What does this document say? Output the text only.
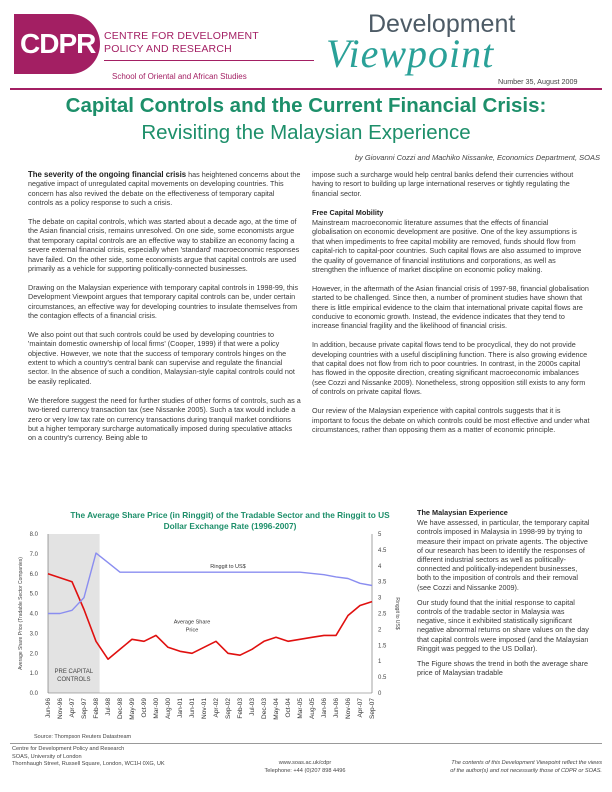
CDPR CENTRE FOR DEVELOPMENT
POLICY AND RESEARCH
School of Oriental and African Studies
Development
Viewpoint
Number 35, August 2009
Capital Controls and the Current Financial Crisis:
Revisiting the Malaysian Experience
by Giovanni Cozzi and Machiko Nissanke, Economics Department, SOAS

The severity of the ongoing financial crisis has heightened concerns about the negative impact of unregulated capital movements on developing countries. This concern has also revived the debate on the effectiveness of temporary capital controls as a policy response to such a crisis.

The debate on capital controls, which was started about a decade ago, at the time of the Asian financial crisis, remains unresolved. On one side, some economists argue that temporary capital controls are an effective way to stabilize an economy facing a severe external financial crisis, especially when 'standard' macroeconomic responses have failed. On the other side, some economists argue that capital controls are used primarily as a vehicle for supporting politically-connected businesses.

Drawing on the Malaysian experience with temporary capital controls in 1998-99, this Development Viewpoint argues that temporary capital controls can be, under certain circumstances, an effective way for developing countries to insulate themselves from the contagion effects of a financial crisis.

We also point out that such controls could be used by developing countries to 'maintain domestic ownership of local firms' (Cooper, 1999) if that were a policy objective. However, we note that the success of temporary controls hinges on the extent to which a country's central bank can supervise and regulate the financial sector. In the absence of such a condition, Malaysian-style capital controls could not be easily replicated.

We therefore suggest the need for further studies of other forms of controls, such as a two-tiered currency transaction tax (see Nissanke 2005). Such a tax would include a zero or very low tax rate on currency transactions during tranquil market conditions but a higher temporary surcharge automatically imposed during speculative attacks on a country's currency. Being able to

impose such a surcharge would help central banks defend their currencies without having to resort to building up large international reserves or tightly regulating the financial sector.

Free Capital Mobility

Mainstream macroeconomic literature assumes that the effects of financial globalisation on economic development are positive. One of the key assumptions is that when impediments to free capital mobility are removed, funds should flow from capital-rich to capital-poor countries. Such capital flows are also assumed to improve the quality of governance of financial institutions and corporations, as well as strengthen the influence of market discipline on economic policy making.

However, in the aftermath of the Asian financial crisis of 1997-98, financial globalisation started to be challenged. Since then, a number of prominent studies have shown that there is little empirical evidence to the claim that international private capital flows are conducive to economic growth. Instead, the evidence indicates that they tend to increase financial fragility and the likelihood of financial crisis.

In addition, because private capital flows tend to be procyclical, they do not provide developing countries with a useful disciplining function. There is also growing evidence that capital does not flow from rich to poor countries. In contrast, in the 2000s capital has flowed in the opposite direction, creating significant macroeconomic imbalances (see Cozzi and Nissanke 2009). Nonetheless, strong opposition still exists to any form of controls on private capital flows.

Our review of the Malaysian experience with capital controls suggests that it is important to focus the debate on which controls could be most effective and under what circumstances, rather than opposing them as a matter of economic principle.

The Malaysian Experience

We have assessed, in particular, the temporary capital controls imposed in Malaysia in 1998-99 by trying to measure their impact on private agents. The objective of our research has been to identify the responses of different industrial sectors as well as politically-connected and politically-independent businesses, both to the imposition of controls and their removal (see Cozzi and Nissanke 2009).

Our study found that the initial response to capital controls of the tradable sector in Malaysia was negative, since it exhibited statistically significant negative abnormal returns on share values on the day that capital controls were imposed (and the Malaysian Ringgit was pegged to the US Dollar).

The Figure shows the trend in both the average share price of Malaysian tradable

The Average Share Price (in Ringgit) of the Tradable Sector and the Ringgit to US Dollar Exchange Rate (1996-2007)
PRE CAPITAL
CONTROLS
0.0
1.0
2.0
3.0
4.0
5.0
6.0
7.0
8.0
0
0.5
1
1.5
2
2.5
3
3.5
4
4.5
5
Average Share Price (Tradable Sector Companies)	Ringgit to US$
Jun-96 Nov-96 Apr-97 Sep-97 Feb-98 Jul-98 Dec-98 May-99 Oct-99 Mar-00 Aug-00 Jan-01 Jun-01 Nov-01 Apr-02 Sep-02 Feb-03 Jul-03 Dec-03 May-04 Oct-04 Mar-05 Aug-05 Jan-06 Jun-06 Nov-06 Apr-07 Sep-07
Average Share
Price
Ringgit to US$
Source: Thompson Reuters Datastream
Centre for Development Policy and Research
SOAS, University of London
Thornhaugh Street, Russell Square, London, WC1H 0XG, UK	www.soas.ac.uk/cdpr
Telephone: +44 (0)207 898 4496
The contents of this Development Viewpoint reflect the views
of the author(s) and not necessarily those of CDPR or SOAS.
